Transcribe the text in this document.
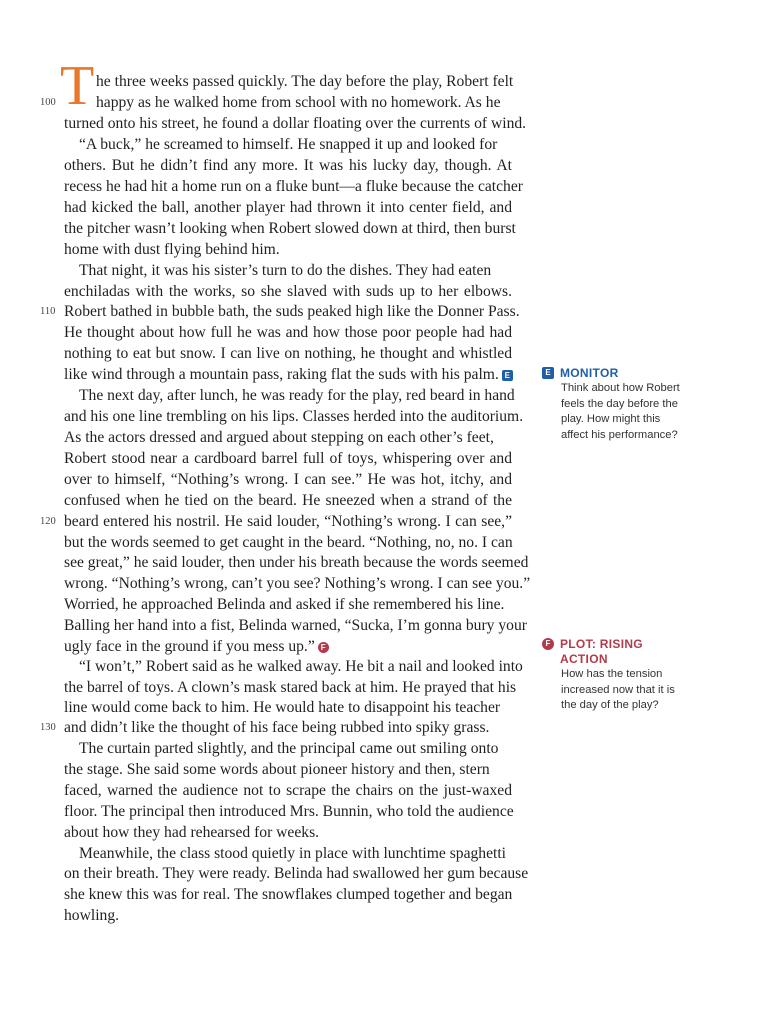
T
100
110
120
130
he three weeks passed quickly. The day before the play, Robert felt
happy as he walked home from school with no homework. As he
turned onto his street, he found a dollar floating over the currents of wind.
“A buck,” he screamed to himself. He snapped it up and looked for
others. But he didn’t find any more. It was his lucky day, though. At
recess he had hit a home run on a fluke bunt—a fluke because the catcher
had kicked the ball, another player had thrown it into center field, and
the pitcher wasn’t looking when Robert slowed down at third, then burst
home with dust flying behind him.
That night, it was his sister’s turn to do the dishes. They had eaten
enchiladas with the works, so she slaved with suds up to her elbows.
Robert bathed in bubble bath, the suds peaked high like the Donner Pass.
He thought about how full he was and how those poor people had had
nothing to eat but snow. I can live on nothing, he thought and whistled
like wind through a mountain pass, raking flat the suds with his palm. E
The next day, after lunch, he was ready for the play, red beard in hand
and his one line trembling on his lips. Classes herded into the auditorium.
As the actors dressed and argued about stepping on each other’s feet,
Robert stood near a cardboard barrel full of toys, whispering over and
over to himself, “Nothing’s wrong. I can see.” He was hot, itchy, and
confused when he tied on the beard. He sneezed when a strand of the
beard entered his nostril. He said louder, “Nothing’s wrong. I can see,”
but the words seemed to get caught in the beard. “Nothing, no, no. I can
see great,” he said louder, then under his breath because the words seemed
wrong. “Nothing’s wrong, can’t you see? Nothing’s wrong. I can see you.”
Worried, he approached Belinda and asked if she remembered his line.
Balling her hand into a fist, Belinda warned, “Sucka, I’m gonna bury your
ugly face in the ground if you mess up.” F
“I won’t,” Robert said as he walked away. He bit a nail and looked into
the barrel of toys. A clown’s mask stared back at him. He prayed that his
line would come back to him. He would hate to disappoint his teacher
and didn’t like the thought of his face being rubbed into spiky grass.
The curtain parted slightly, and the principal came out smiling onto
the stage. She said some words about pioneer history and then, stern
faced, warned the audience not to scrape the chairs on the just-waxed
floor. The principal then introduced Mrs. Bunnin, who told the audience
about how they had rehearsed for weeks.
Meanwhile, the class stood quietly in place with lunchtime spaghetti
on their breath. They were ready. Belinda had swallowed her gum because
she knew this was for real. The snowflakes clumped together and began
howling.
E MONITOR
Think about how Robert
feels the day before the
play. How might this
affect his performance?
F PLOT: RISING
ACTION
How has the tension
increased now that it is
the day of the play?
